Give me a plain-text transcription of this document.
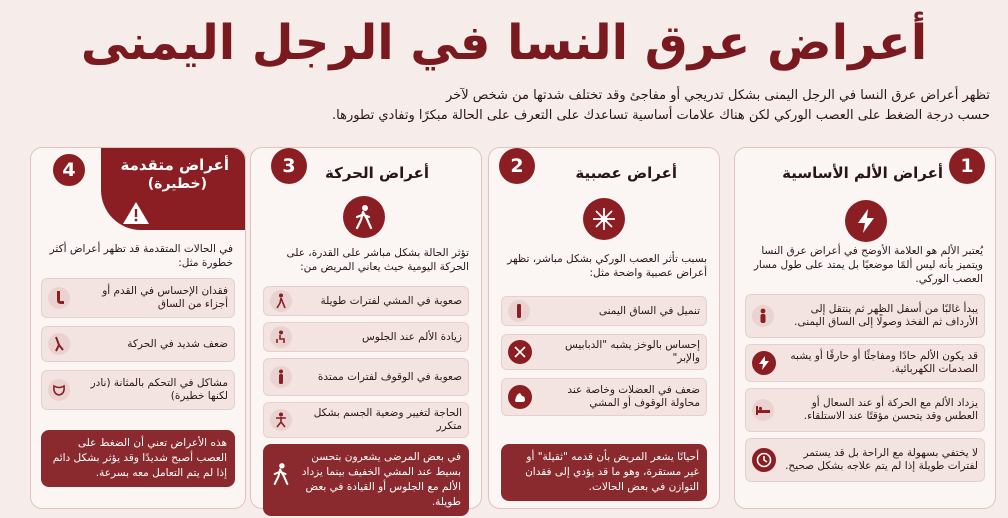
أعراض عرق النسا في الرجل اليمنى
تظهر أعراض عرق النسا في الرجل اليمنى بشكل تدريجي أو مفاجئ وقد تختلف شدتها من شخص لآخر
حسب درجة الضغط على العصب الوركي لكن هناك علامات أساسية تساعدك على التعرف على الحالة مبكرًا وتفادي تطورها.
1
أعراض الألم الأساسية
يُعتبر الألم هو العلامة الأوضح في أعراض عرق النسا ويتميز بأنه ليس ألمًا موضعيًا بل يمتد على طول مسار العصب الوركي.
يبدأ غالبًا من أسفل الظهر ثم ينتقل إلى الأرداف ثم الفخذ وصولًا إلى الساق اليمنى.
قد يكون الألم حادًا ومفاجئًا أو حارقًا أو يشبه الصدمات الكهربائية.
يزداد الألم مع الحركة أو عند السعال أو العطس وقد يتحسن مؤقتًا عند الاستلقاء.
لا يختفي بسهولة مع الراحة بل قد يستمر لفترات طويلة إذا لم يتم علاجه بشكل صحيح.
2	أعراض عصبية
بسبب تأثر العصب الوركي بشكل مباشر، تظهر أعراض عصبية واضحة مثل:
تنميل في الساق اليمنى
إحساس بالوخز يشبه "الدبابيس والإبر"
ضعف في العضلات وخاصة عند محاولة الوقوف أو المشي
أحيانًا يشعر المريض بأن قدمه "ثقيلة" أو غير مستقرة، وهو ما قد يؤدي إلى فقدان التوازن في بعض الحالات.
3	أعراض الحركة
تؤثر الحالة بشكل مباشر على القدرة، على الحركة اليومية حيث يعاني المريض من:
صعوبة في المشي لفترات طويلة
زيادة الألم عند الجلوس
صعوبة في الوقوف لفترات ممتدة
الحاجة لتغيير وضعية الجسم بشكل متكرر
في بعض المرضى يشعرون بتحسن بسيط عند المشي الخفيف بينما يزداد الألم مع الجلوس أو القيادة في بعض طويلة.
4	أعراض متقدمة
(خطيرة)
في الحالات المتقدمة قد تظهر أعراض أكثر خطورة مثل:
فقدان الإحساس في القدم أو أجزاء من الساق
ضعف شديد في الحركة
مشاكل في التحكم بالمثانة (نادر لكنها خطيرة)
هذه الأعراض تعني أن الضغط على العصب أصبح شديدًا وقد يؤثر بشكل دائم إذا لم يتم التعامل معه بسرعة.
